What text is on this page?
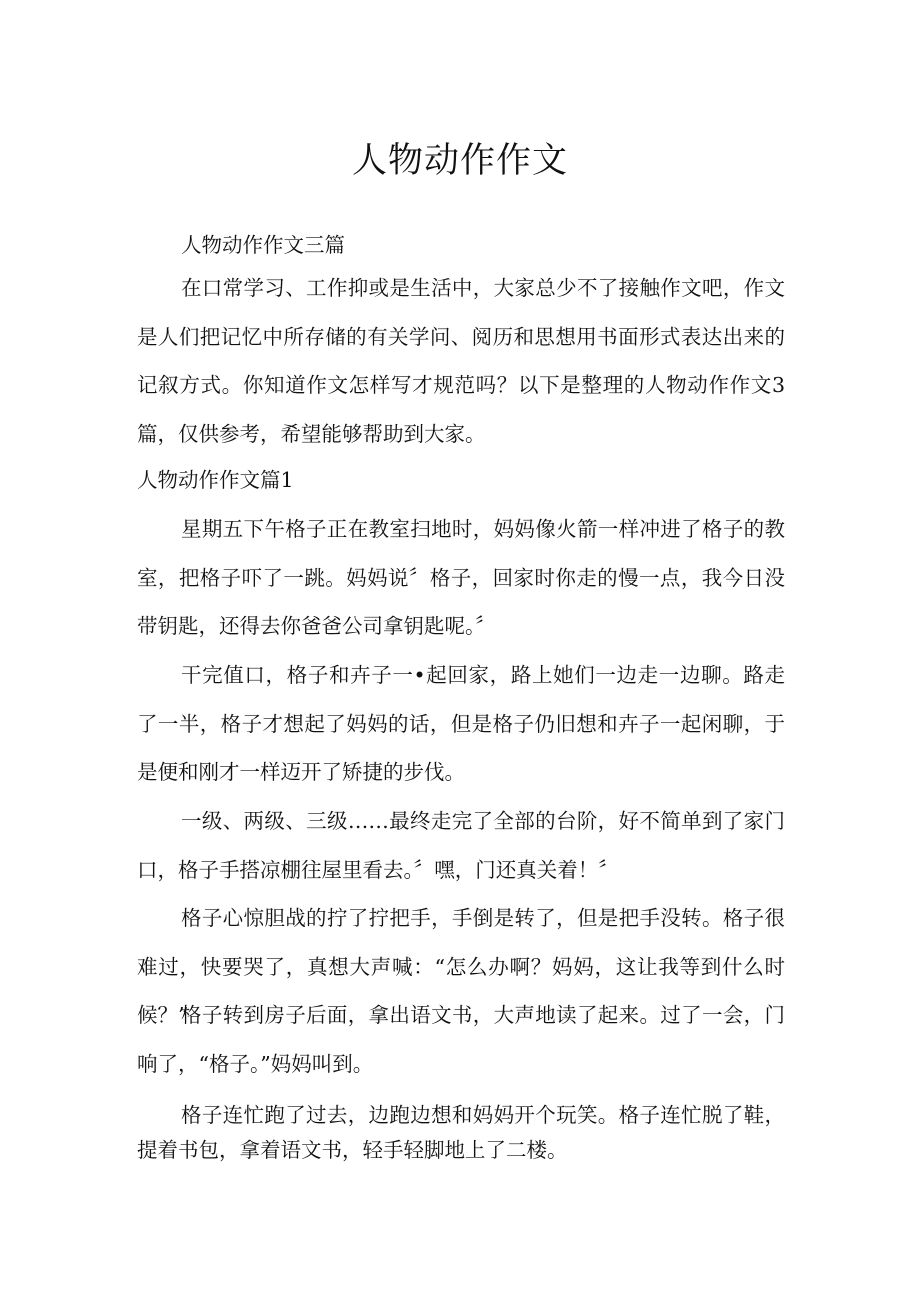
人物动作作文

人物动作作文三篇

在口常学习、工作抑或是生活中，大家总少不了接触作文吧，作文是人们把记忆中所存储的有关学问、阅历和思想用书面形式表达出来的记叙方式。你知道作文怎样写才规范吗？以下是整理的人物动作作文3篇，仅供参考，希望能够帮助到大家。

人物动作作文篇1

星期五下午格子正在教室扫地时，妈妈像火箭一样冲进了格子的教室，把格子吓了一跳。妈妈说〞格子，回家时你走的慢一点，我今日没带钥匙，还得去你爸爸公司拿钥匙呢。〞

干完值口，格子和卉子一•起回家，路上她们一边走一边聊。路走了一半，格子才想起了妈妈的话，但是格子仍旧想和卉子一起闲聊，于是便和刚才一样迈开了矫捷的步伐。

一级、两级、三级……最终走完了全部的台阶，好不简单到了家门口，格子手搭凉棚往屋里看去。〞嘿，门还真关着！〞

格子心惊胆战的拧了拧把手，手倒是转了，但是把手没转。格子很难过，快要哭了，真想大声喊：“怎么办啊？妈妈，这让我等到什么时候？”

格子转到房子后面，拿出语文书，大声地读了起来。过了一会，门响了，“格子。”妈妈叫到。

格子连忙跑了过去，边跑边想和妈妈开个玩笑。格子连忙脱了鞋，提着书包，拿着语文书，轻手轻脚地上了二楼。
